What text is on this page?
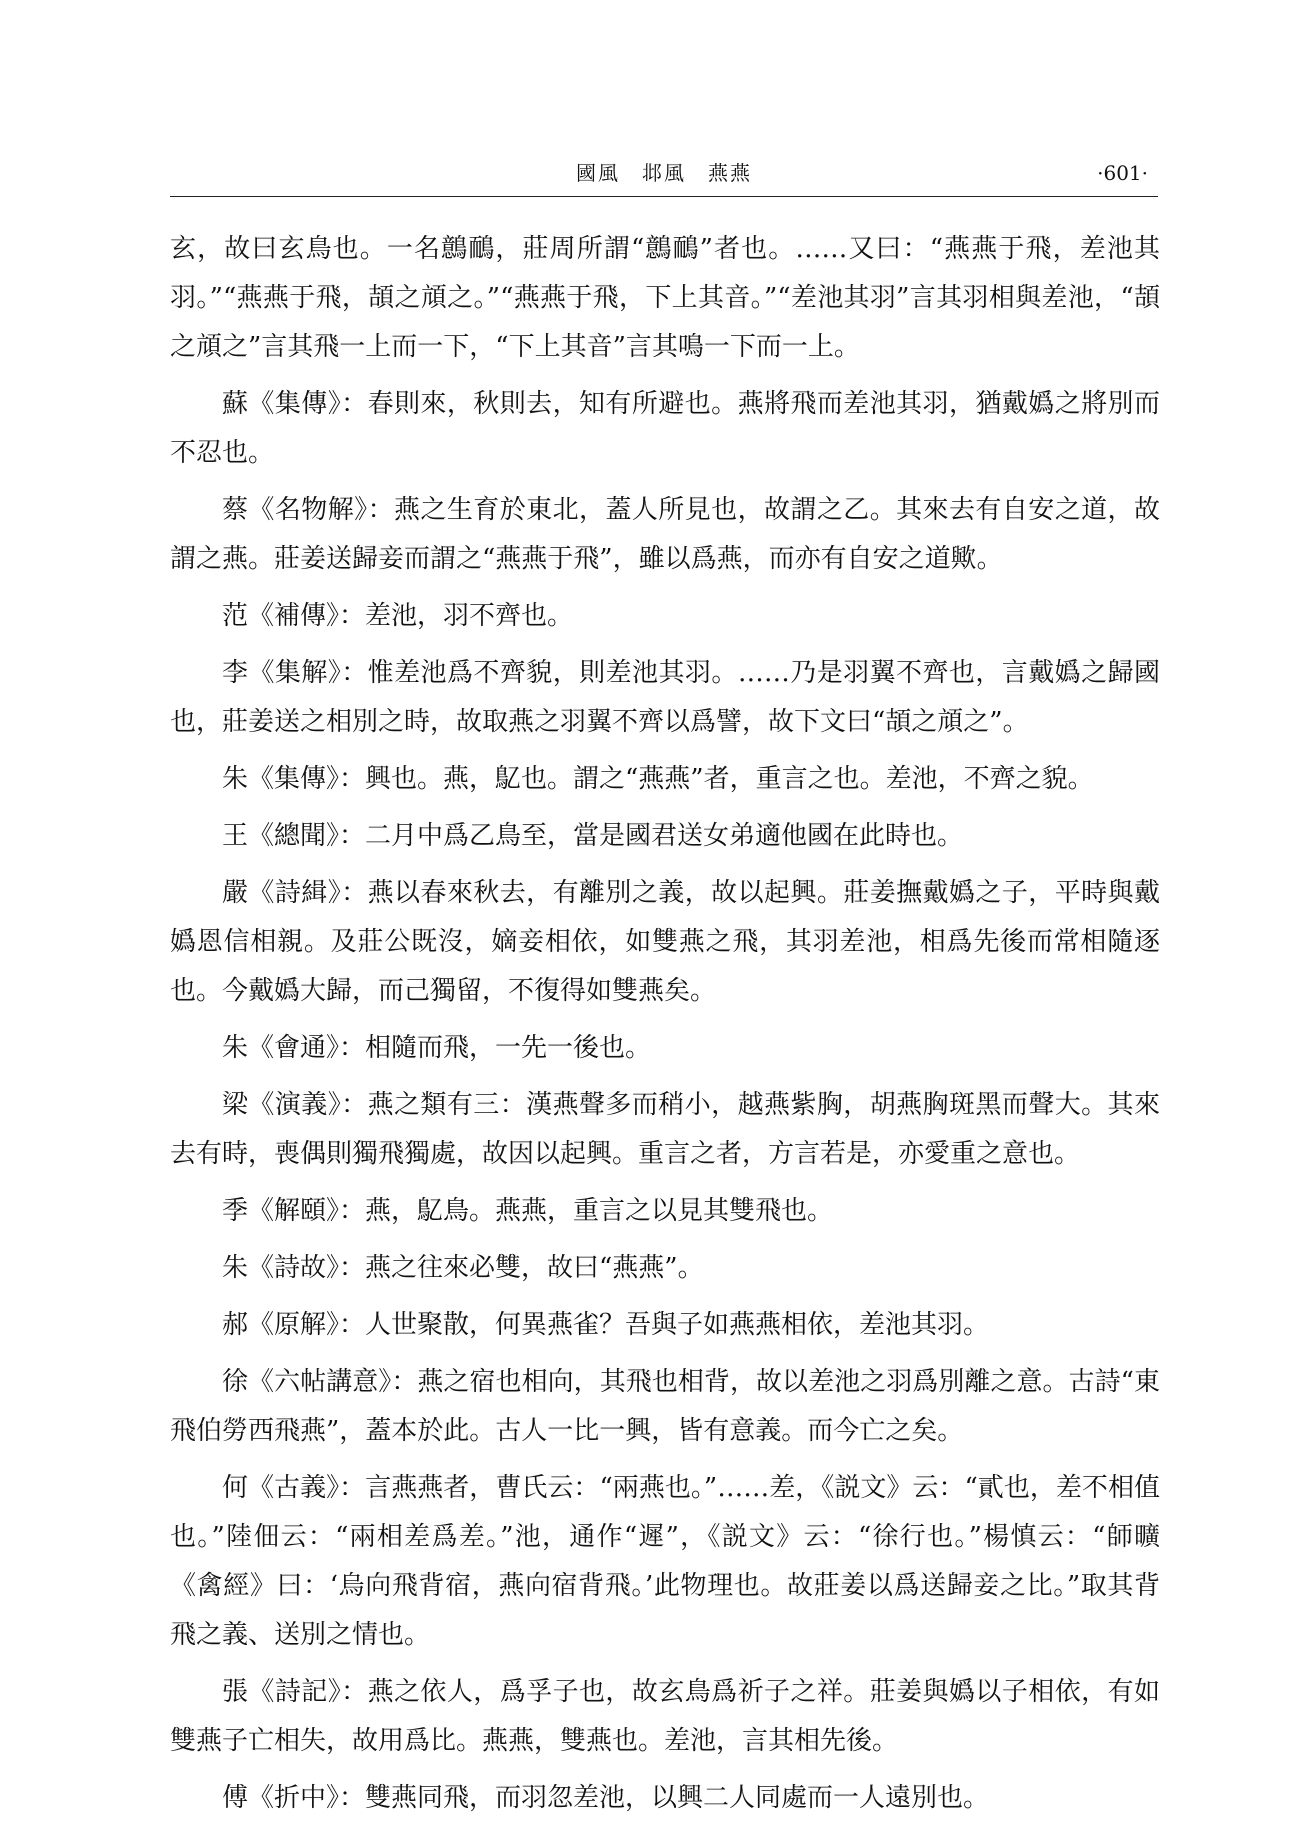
國風　邶風　燕燕	·601·

玄，故曰玄鳥也。一名鷾鴯，莊周所謂“鷾鴯”者也。……又曰：“燕燕于飛，差池其羽。”“燕燕于飛，頡之頏之。”“燕燕于飛，下上其音。”“差池其羽”言其羽相與差池，“頡之頏之”言其飛一上而一下，“下上其音”言其鳴一下而一上。

蘇《集傳》：春則來，秋則去，知有所避也。燕將飛而差池其羽，猶戴嬀之將別而不忍也。

蔡《名物解》：燕之生育於東北，蓋人所見也，故謂之乙。其來去有自安之道，故謂之燕。莊姜送歸妾而謂之“燕燕于飛”，雖以爲燕，而亦有自安之道歟。

范《補傳》：差池，羽不齊也。

李《集解》：惟差池爲不齊貌，則差池其羽。……乃是羽翼不齊也，言戴嬀之歸國也，莊姜送之相別之時，故取燕之羽翼不齊以爲譬，故下文曰“頡之頏之”。

朱《集傳》：興也。燕，鳦也。謂之“燕燕”者，重言之也。差池，不齊之貌。

王《總聞》：二月中爲乙鳥至，當是國君送女弟適他國在此時也。

嚴《詩緝》：燕以春來秋去，有離別之義，故以起興。莊姜撫戴嬀之子，平時與戴嬀恩信相親。及莊公既沒，嫡妾相依，如雙燕之飛，其羽差池，相爲先後而常相隨逐也。今戴嬀大歸，而己獨留，不復得如雙燕矣。

朱《會通》：相隨而飛，一先一後也。

梁《演義》：燕之類有三：漢燕聲多而稍小，越燕紫胸，胡燕胸斑黑而聲大。其來去有時，喪偶則獨飛獨處，故因以起興。重言之者，方言若是，亦愛重之意也。

季《解頤》：燕，鳦鳥。燕燕，重言之以見其雙飛也。

朱《詩故》：燕之往來必雙，故曰“燕燕”。

郝《原解》：人世聚散，何異燕雀？吾與子如燕燕相依，差池其羽。

徐《六帖講意》：燕之宿也相向，其飛也相背，故以差池之羽爲別離之意。古詩“東飛伯勞西飛燕”，蓋本於此。古人一比一興，皆有意義。而今亡之矣。

何《古義》：言燕燕者，曹氏云：“兩燕也。”……差，《説文》云：“貳也，差不相值也。”陸佃云：“兩相差爲差。”池，通作“遲”，《説文》云：“徐行也。”楊慎云：“師曠《禽經》曰：‘烏向飛背宿，燕向宿背飛。’此物理也。故莊姜以爲送歸妾之比。”取其背飛之義、送別之情也。

張《詩記》：燕之依人，爲孚子也，故玄鳥爲祈子之祥。莊姜與嬀以子相依，有如雙燕子亡相失，故用爲比。燕燕，雙燕也。差池，言其相先後。

傅《折中》：雙燕同飛，而羽忽差池，以興二人同處而一人遠別也。
